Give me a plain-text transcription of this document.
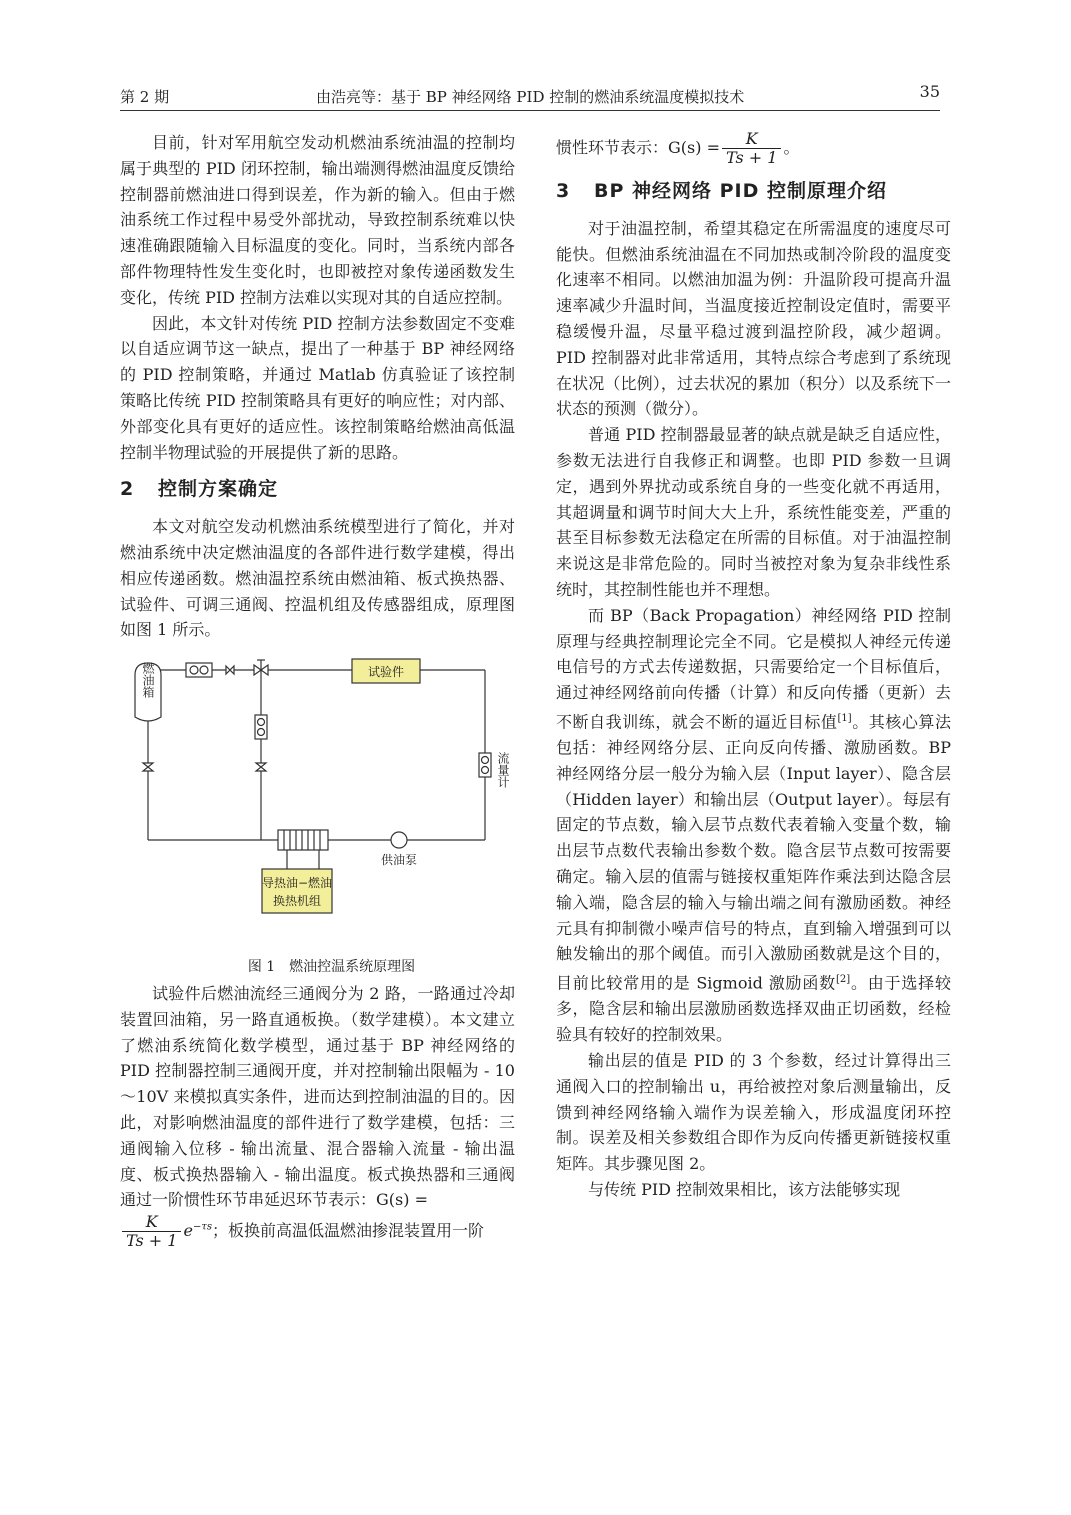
第 2 期	由浩亮等：基于 BP 神经网络 PID 控制的燃油系统温度模拟技术	35

目前，针对军用航空发动机燃油系统油温的控制均属于典型的 PID 闭环控制，输出端测得燃油温度反馈给控制器前燃油进口得到误差，作为新的输入。但由于燃油系统工作过程中易受外部扰动，导致控制系统难以快速准确跟随输入目标温度的变化。同时，当系统内部各部件物理特性发生变化时，也即被控对象传递函数发生变化，传统 PID 控制方法难以实现对其的自适应控制。

因此，本文针对传统 PID 控制方法参数固定不变难以自适应调节这一缺点，提出了一种基于 BP 神经网络的 PID 控制策略，并通过 Matlab 仿真验证了该控制策略比传统 PID 控制策略具有更好的响应性；对内部、外部变化具有更好的适应性。该控制策略给燃油高低温控制半物理试验的开展提供了新的思路。

2 控制方案确定

本文对航空发动机燃油系统模型进行了简化，并对燃油系统中决定燃油温度的各部件进行数学建模，得出相应传递函数。燃油温控系统由燃油箱、板式换热器、试验件、可调三通阀、控温机组及传感器组成，原理图如图 1 所示。

燃油箱	试验件
流量计
供油泵
导热油−燃油
换热机组

图 1　燃油控温系统原理图

试验件后燃油流经三通阀分为 2 路，一路通过冷却装置回油箱，另一路直通板换。（数学建模）。本文建立了燃油系统简化数学模型，通过基于 BP 神经网络的 PID 控制器控制三通阀开度，并对控制输出限幅为 - 10～10V 来模拟真实条件，进而达到控制油温的目的。因此，对影响燃油温度的部件进行了数学建模，包括：三通阀输入位移 - 输出流量、混合器输入流量 - 输出温度、板式换热器输入 - 输出温度。板式换热器和三通阀通过一阶惯性环节串延迟环节表示：G(s) =

$\frac{K}{Ts + 1} e^{-\tau s}$；板换前高温低温燃油掺混装置用一阶

惯性环节表示：$G(s) = \frac{K}{Ts + 1}$ 。

3 BP 神经网络 PID 控制原理介绍

对于油温控制，希望其稳定在所需温度的速度尽可能快。但燃油系统油温在不同加热或制冷阶段的温度变化速率不相同。以燃油加温为例：升温阶段可提高升温速率减少升温时间，当温度接近控制设定值时，需要平稳缓慢升温，尽量平稳过渡到温控阶段，减少超调。PID 控制器对此非常适用，其特点综合考虑到了系统现在状况（比例），过去状况的累加（积分）以及系统下一状态的预测（微分）。

普通 PID 控制器最显著的缺点就是缺乏自适应性，参数无法进行自我修正和调整。也即 PID 参数一旦调定，遇到外界扰动或系统自身的一些变化就不再适用，其超调量和调节时间大大上升，系统性能变差，严重的甚至目标参数无法稳定在所需的目标值。对于油温控制来说这是非常危险的。同时当被控对象为复杂非线性系统时，其控制性能也并不理想。

而 BP（Back Propagation）神经网络 PID 控制原理与经典控制理论完全不同。它是模拟人神经元传递电信号的方式去传递数据，只需要给定一个目标值后，通过神经网络前向传播（计算）和反向传播（更新）去不断自我训练，就会不断的逼近目标值[1]。其核心算法包括：神经网络分层、正向反向传播、激励函数。BP 神经网络分层一般分为输入层（Input layer）、隐含层（Hidden layer）和输出层（Output layer）。每层有固定的节点数，输入层节点数代表着输入变量个数，输出层节点数代表输出参数个数。隐含层节点数可按需要确定。输入层的值需与链接权重矩阵作乘法到达隐含层输入端，隐含层的输入与输出端之间有激励函数。神经元具有抑制微小噪声信号的特点，直到输入增强到可以触发输出的那个阈值。而引入激励函数就是这个目的，目前比较常用的是 Sigmoid 激励函数[2]。由于选择较多，隐含层和输出层激励函数选择双曲正切函数，经检验具有较好的控制效果。

输出层的值是 PID 的 3 个参数，经过计算得出三通阀入口的控制输出 u，再给被控对象后测量输出，反馈到神经网络输入端作为误差输入，形成温度闭环控制。误差及相关参数组合即作为反向传播更新链接权重矩阵。其步骤见图 2。

与传统 PID 控制效果相比，该方法能够实现
